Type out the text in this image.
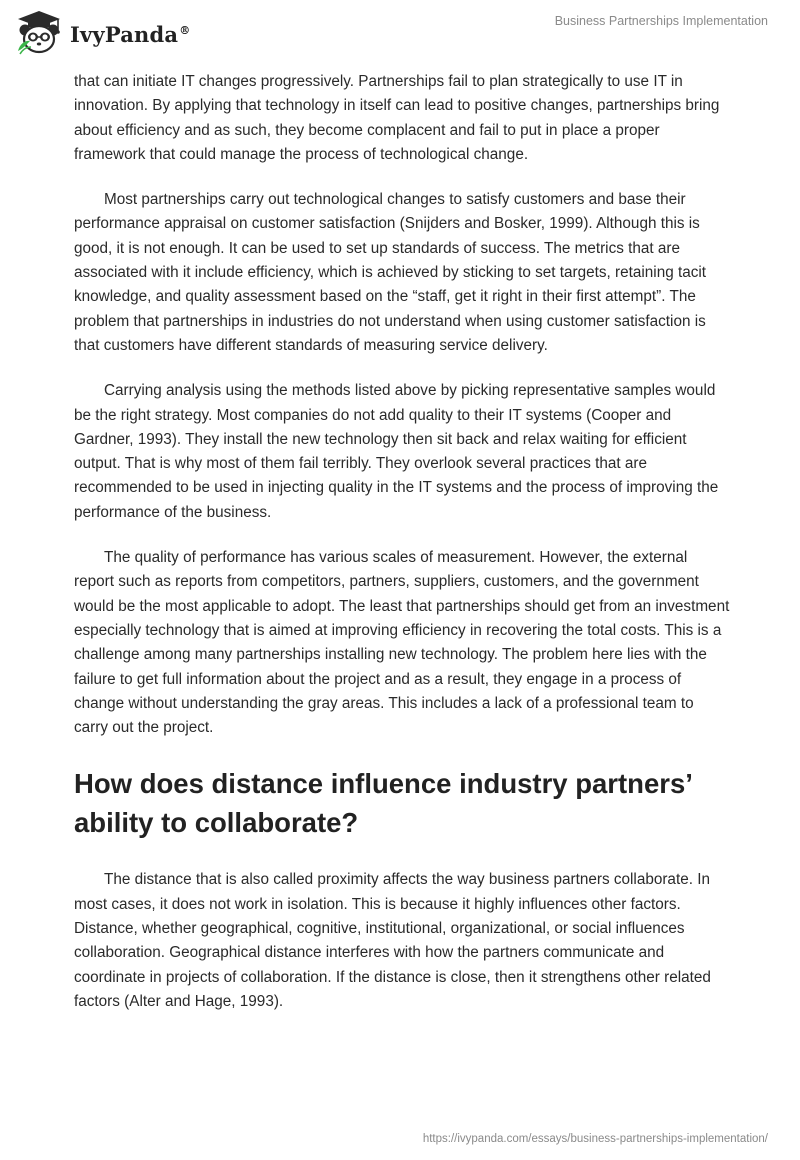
IvyPanda®
Business Partnerships Implementation

that can initiate IT changes progressively. Partnerships fail to plan strategically to use IT in innovation. By applying that technology in itself can lead to positive changes, partnerships bring about efficiency and as such, they become complacent and fail to put in place a proper framework that could manage the process of technological change.

Most partnerships carry out technological changes to satisfy customers and base their performance appraisal on customer satisfaction (Snijders and Bosker, 1999). Although this is good, it is not enough. It can be used to set up standards of success. The metrics that are associated with it include efficiency, which is achieved by sticking to set targets, retaining tacit knowledge, and quality assessment based on the “staff, get it right in their first attempt”. The problem that partnerships in industries do not understand when using customer satisfaction is that customers have different standards of measuring service delivery.

Carrying analysis using the methods listed above by picking representative samples would be the right strategy. Most companies do not add quality to their IT systems (Cooper and Gardner, 1993). They install the new technology then sit back and relax waiting for efficient output. That is why most of them fail terribly. They overlook several practices that are recommended to be used in injecting quality in the IT systems and the process of improving the performance of the business.

The quality of performance has various scales of measurement. However, the external report such as reports from competitors, partners, suppliers, customers, and the government would be the most applicable to adopt. The least that partnerships should get from an investment especially technology that is aimed at improving efficiency in recovering the total costs. This is a challenge among many partnerships installing new technology. The problem here lies with the failure to get full information about the project and as a result, they engage in a process of change without understanding the gray areas. This includes a lack of a professional team to carry out the project.

How does distance influence industry partners’ ability to collaborate?

The distance that is also called proximity affects the way business partners collaborate. In most cases, it does not work in isolation. This is because it highly influences other factors. Distance, whether geographical, cognitive, institutional, organizational, or social influences collaboration. Geographical distance interferes with how the partners communicate and coordinate in projects of collaboration. If the distance is close, then it strengthens other related factors (Alter and Hage, 1993).

https://ivypanda.com/essays/business-partnerships-implementation/
